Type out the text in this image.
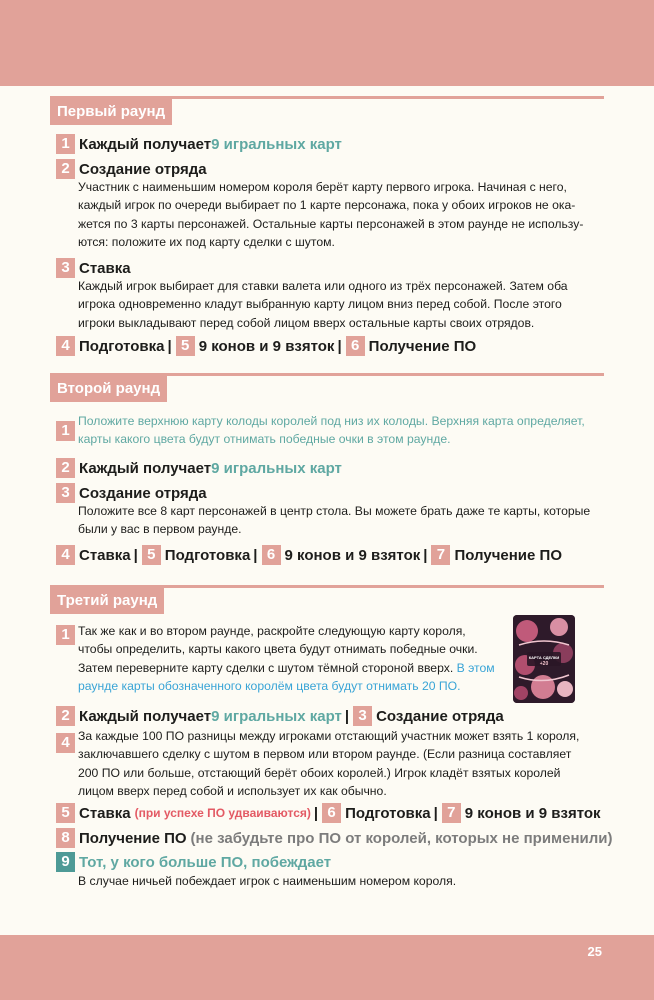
Первый раунд
1 Каждый получает 9 игральных карт
2 Создание отряда
Участник с наименьшим номером короля берёт карту первого игрока. Начиная с него,
каждый игрок по очереди выбирает по 1 карте персонажа, пока у обоих игроков не ока-
жется по 3 карты персонажей. Остальные карты персонажей в этом раунде не использу-
ются: положите их под карту сделки с шутом.
3 Ставка
Каждый игрок выбирает для ставки валета или одного из трёх персонажей. Затем оба
игрока одновременно кладут выбранную карту лицом вниз перед собой. После этого
игроки выкладывают перед собой лицом вверх остальные карты своих отрядов.
4 Подготовка | 5 9 конов и 9 взяток | 6 Получение ПО
Второй раунд
1
Положите верхнюю карту колоды королей под низ их колоды. Верхняя карта определяет,
карты какого цвета будут отнимать победные очки в этом раунде.
2 Каждый получает 9 игральных карт
3 Создание отряда
Положите все 8 карт персонажей в центр стола. Вы можете брать даже те карты, которые
были у вас в первом раунде.
4 Ставка | 5 Подготовка | 6 9 конов и 9 взяток | 7 Получение ПО
Третий раунд
1 Так же как и во втором раунде, раскройте следующую карту короля,
чтобы определить, карты какого цвета будут отнимать победные очки.
Затем переверните карту сделки с шутом тёмной стороной вверх. В этом
раунде карты обозначенного королём цвета будут отнимать 20 ПО.
КАРТА СДЕЛКИ
+20
2 Каждый получает 9 игральных карт | 3 Создание отряда
4 За каждые 100 ПО разницы между игроками отстающий участник может взять 1 короля,
заключавшего сделку с шутом в первом или втором раунде. (Если разница составляет
200 ПО или больше, отстающий берёт обоих королей.) Игрок кладёт взятых королей
лицом вверх перед собой и использует их как обычно.
5 Ставка (при успехе ПО удваиваются) | 6 Подготовка | 7 9 конов и 9 взяток
8 Получение ПО (не забудьте про ПО от королей, которых не применили)
9 Тот, у кого больше ПО, побеждает
В случае ничьей побеждает игрок с наименьшим номером короля.
25
